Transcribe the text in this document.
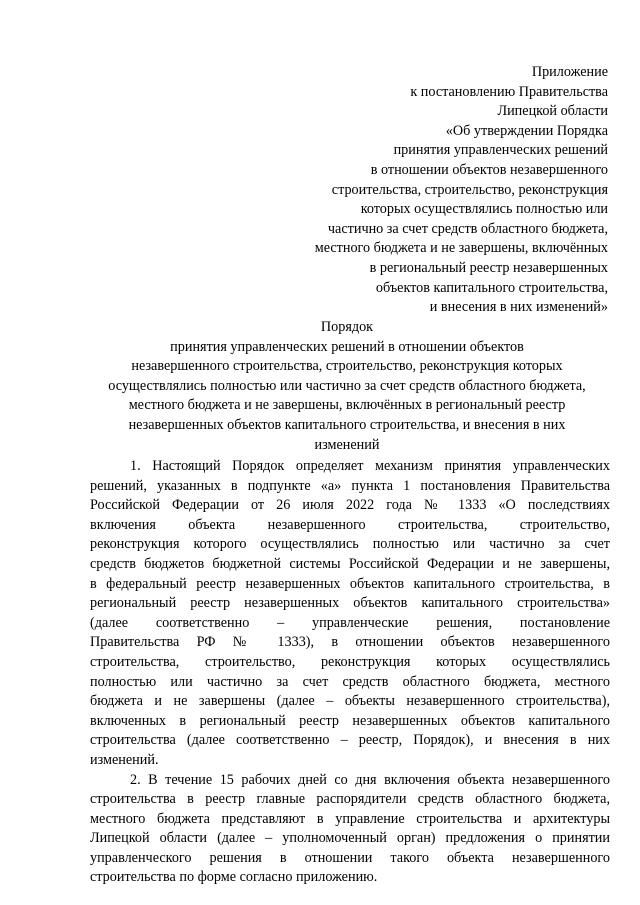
Приложение
к постановлению Правительства
Липецкой области
«Об утверждении Порядка
принятия управленческих решений
в отношении объектов незавершенного
строительства, строительство, реконструкция
которых осуществлялись полностью или
частично за счет средств областного бюджета,
местного бюджета и не завершены, включённых
в региональный реестр незавершенных
объектов капитального строительства,
и внесения в них изменений»
Порядок
принятия управленческих решений в отношении объектов
незавершенного строительства, строительство, реконструкция которых
осуществлялись полностью или частично за счет средств областного бюджета,
местного бюджета и не завершены, включённых в региональный реестр
незавершенных объектов капитального строительства, и внесения в них
изменений
1. Настоящий Порядок определяет механизм принятия управленческих
решений, указанных в подпункте «а» пункта 1 постановления Правительства
Российской Федерации от 26 июля 2022 года № 1333 «О последствиях
включения объекта незавершенного строительства, строительство,
реконструкция которого осуществлялись полностью или частично за счет
средств бюджетов бюджетной системы Российской Федерации и не завершены,
в федеральный реестр незавершенных объектов капитального строительства, в
региональный реестр незавершенных объектов капитального строительства»
(далее соответственно – управленческие решения, постановление
Правительства РФ № 1333), в отношении объектов незавершенного
строительства, строительство, реконструкция которых осуществлялись
полностью или частично за счет средств областного бюджета, местного
бюджета и не завершены (далее – объекты незавершенного строительства),
включенных в региональный реестр незавершенных объектов капитального
строительства (далее соответственно – реестр, Порядок), и внесения в них
изменений.
2. В течение 15 рабочих дней со дня включения объекта незавершенного
строительства в реестр главные распорядители средств областного бюджета,
местного бюджета представляют в управление строительства и архитектуры
Липецкой области (далее – уполномоченный орган) предложения о принятии
управленческого решения в отношении такого объекта незавершенного
строительства по форме согласно приложению.
